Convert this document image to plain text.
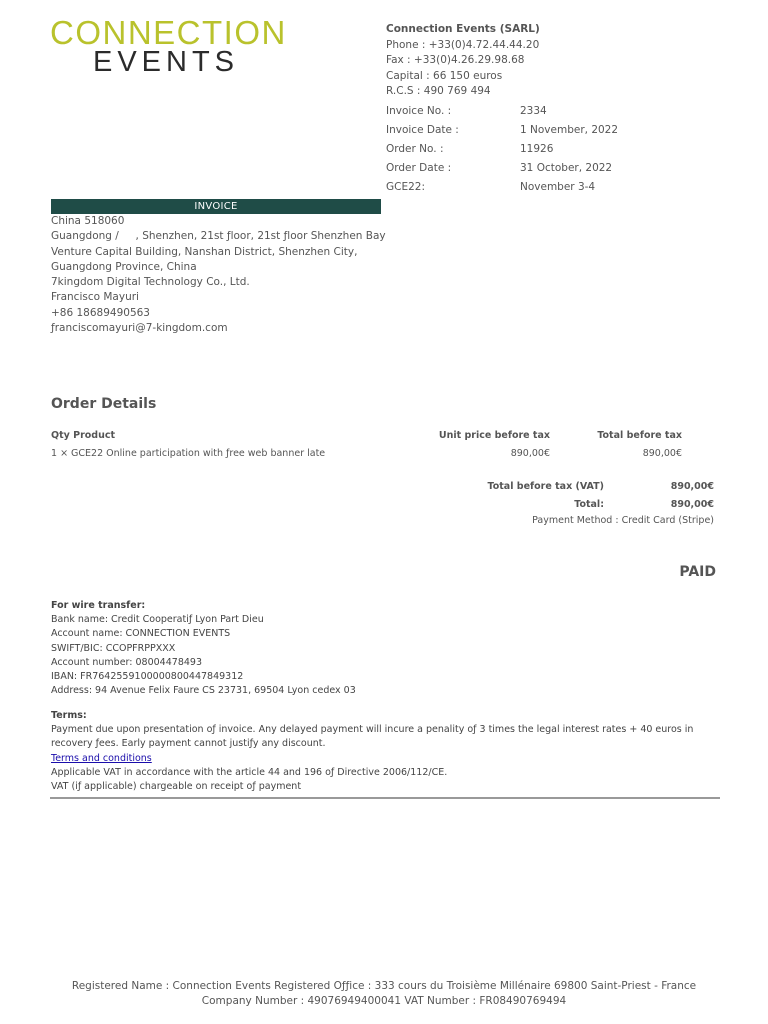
CONNECTION
EVENTS
Connection Events (SARL)
Phone : +33(0)4.72.44.44.20
Fax : +33(0)4.26.29.98.68
Capital : 66 150 euros
R.C.S : 490 769 494
Invoice No. :	2334
Invoice Date :	1 November, 2022
Order No. :	11926
Order Date :	31 October, 2022
GCE22:	November 3-4
INVOICE
China 518060
Guangdong /     , Shenzhen, 21st ƒloor, 21st ƒloor Shenzhen Bay
Venture Capital Building, Nanshan District, Shenzhen City,
Guangdong Province, China
7kingdom Digital Technology Co., Ltd.
Francisco Mayuri
+86 18689490563
ƒranciscomayuri@7-kingdom.com
Order Details
Qty Product	Unit price before tax	Total before tax
1 × GCE22 Online participation with ƒree web banner late	890,00€	890,00€
Total before tax (VAT)	890,00€
Total:	890,00€
Payment Method : Credit Card (Stripe)
PAID
For wire transfer:
Bank name: Credit Cooperatiƒ Lyon Part Dieu
Account name: CONNECTION EVENTS
SWIFT/BIC: CCOPFRPPXXX
Account number: 08004478493
IBAN: FR7642559100000800447849312
Address: 94 Avenue Felix Faure CS 23731, 69504 Lyon cedex 03
Terms:
Payment due upon presentation oƒ invoice. Any delayed payment will incure a penality oƒ 3 times the legal interest rates + 40 euros in recovery ƒees. Early payment cannot justiƒy any discount.
Terms and conditions
Applicable VAT in accordance with the article 44 and 196 oƒ Directive 2006/112/CE.
VAT (iƒ applicable) chargeable on receipt oƒ payment
Registered Name : Connection Events Registered Oƒƒice : 333 cours du Troisième Millénaire 69800 Saint-Priest - France
Company Number : 49076949400041 VAT Number : FR08490769494
